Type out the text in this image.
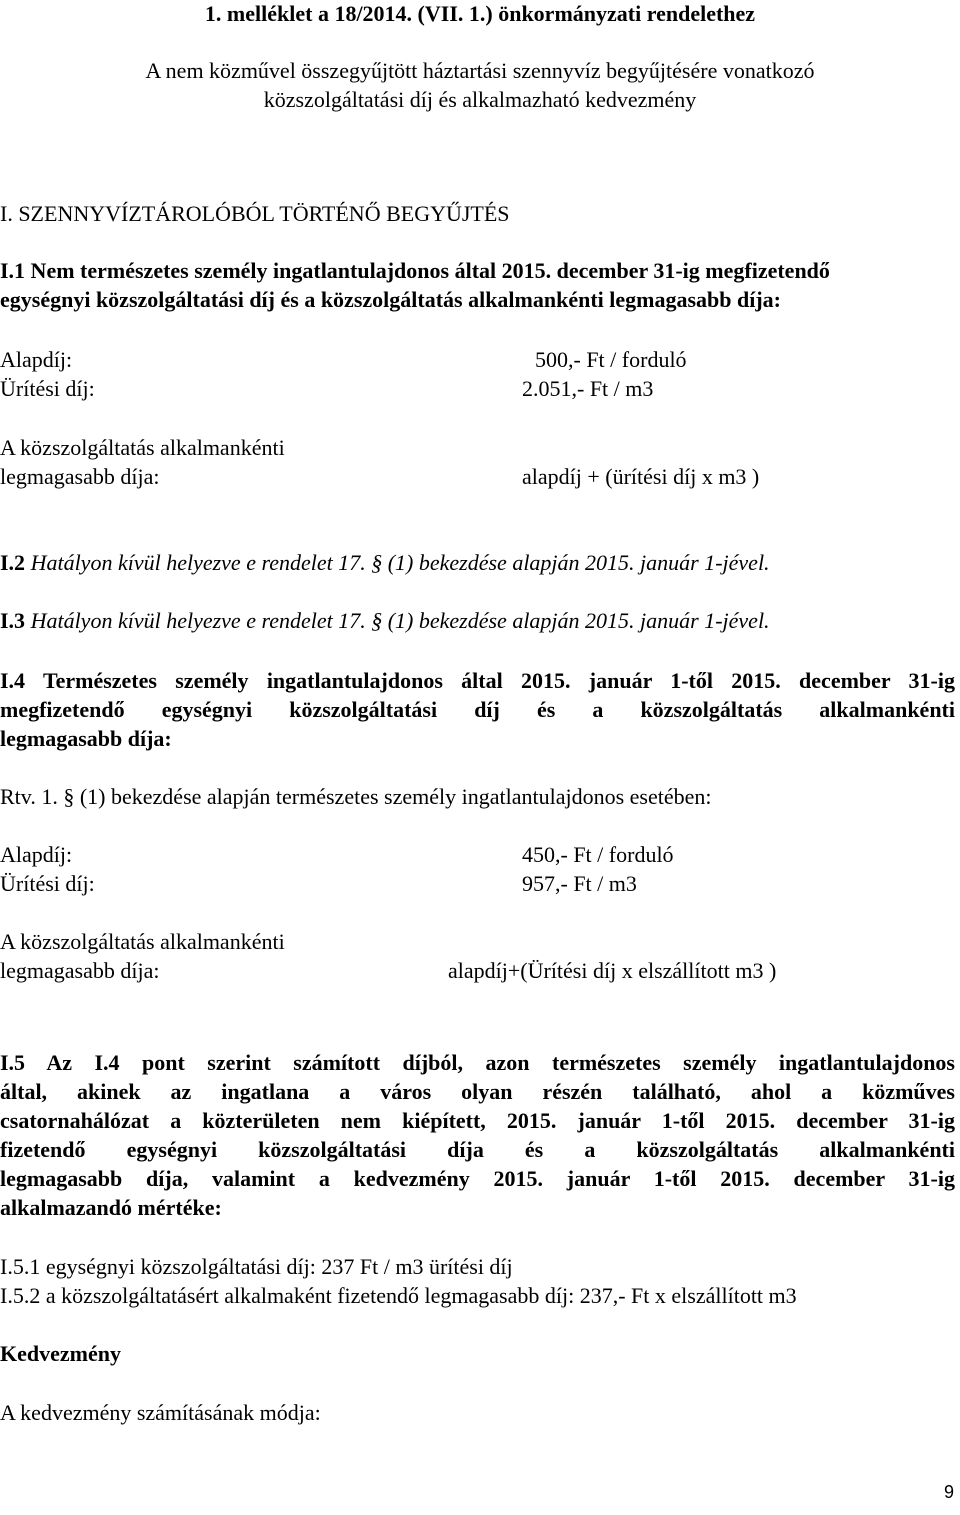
1. melléklet a 18/2014. (VII. 1.) önkormányzati rendelethez
A nem közművel összegyűjtött háztartási szennyvíz begyűjtésére vonatkozó
közszolgáltatási díj és alkalmazható kedvezmény
I. SZENNYVÍZTÁROLÓBÓL TÖRTÉNŐ BEGYŰJTÉS
I.1 Nem természetes személy ingatlantulajdonos által 2015. december 31-ig megfizetendő
egységnyi közszolgáltatási díj és a közszolgáltatás alkalmankénti legmagasabb díja:
Alapdíj:	500,- Ft / forduló
Ürítési díj:	2.051,- Ft / m3
A közszolgáltatás alkalmankénti
legmagasabb díja:	alapdíj + (ürítési díj x m3 )
I.2 Hatályon kívül helyezve e rendelet 17. § (1) bekezdése alapján 2015. január 1-jével.
I.3 Hatályon kívül helyezve e rendelet 17. § (1) bekezdése alapján 2015. január 1-jével.
I.4 Természetes személy ingatlantulajdonos által 2015. január 1-től 2015. december 31-ig
megfizetendő egységnyi közszolgáltatási díj és a közszolgáltatás alkalmankénti
legmagasabb díja:
Rtv. 1. § (1) bekezdése alapján természetes személy ingatlantulajdonos esetében:
Alapdíj:	450,- Ft / forduló
Ürítési díj:	957,- Ft / m3
A közszolgáltatás alkalmankénti
legmagasabb díja:	alapdíj+(Ürítési díj x elszállított m3 )
I.5 Az I.4 pont szerint számított díjból, azon természetes személy ingatlantulajdonos
által, akinek az ingatlana a város olyan részén található, ahol a közműves
csatornahálózat a közterületen nem kiépített, 2015. január 1-től 2015. december 31-ig
fizetendő egységnyi közszolgáltatási díja és a közszolgáltatás alkalmankénti
legmagasabb díja, valamint a kedvezmény 2015. január 1-től 2015. december 31-ig
alkalmazandó mértéke:
I.5.1 egységnyi közszolgáltatási díj: 237 Ft / m3 ürítési díj
I.5.2 a közszolgáltatásért alkalmaként fizetendő legmagasabb díj: 237,- Ft x elszállított m3
Kedvezmény
A kedvezmény számításának módja:
9
